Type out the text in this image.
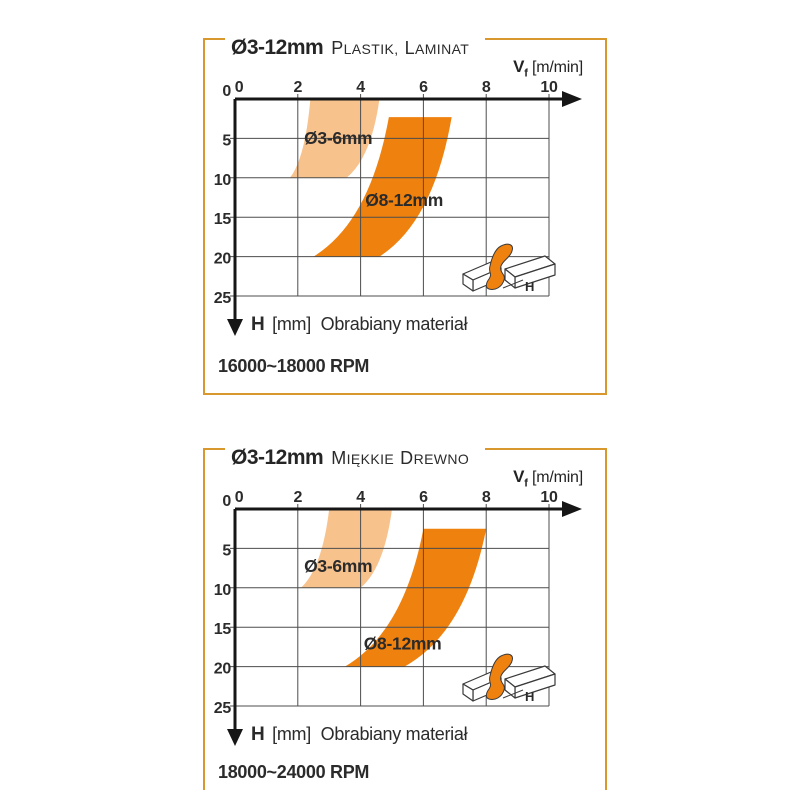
Ø3-12mm PLASTIK, LAMINAT
$V_f$ [m/min]
0	2	4	6	8	10
0
5
10
15
20
25
Ø3-6mm
Ø8-12mm
H
H [mm] Obrabiany materiał
16000~18000 RPM
Ø3-12mm MIĘKKIE DREWNO
$V_f$ [m/min]
0	2	4	6	8	10
0
5
10
15
20
25
Ø3-6mm
Ø8-12mm
H
H [mm] Obrabiany materiał
18000~24000 RPM
